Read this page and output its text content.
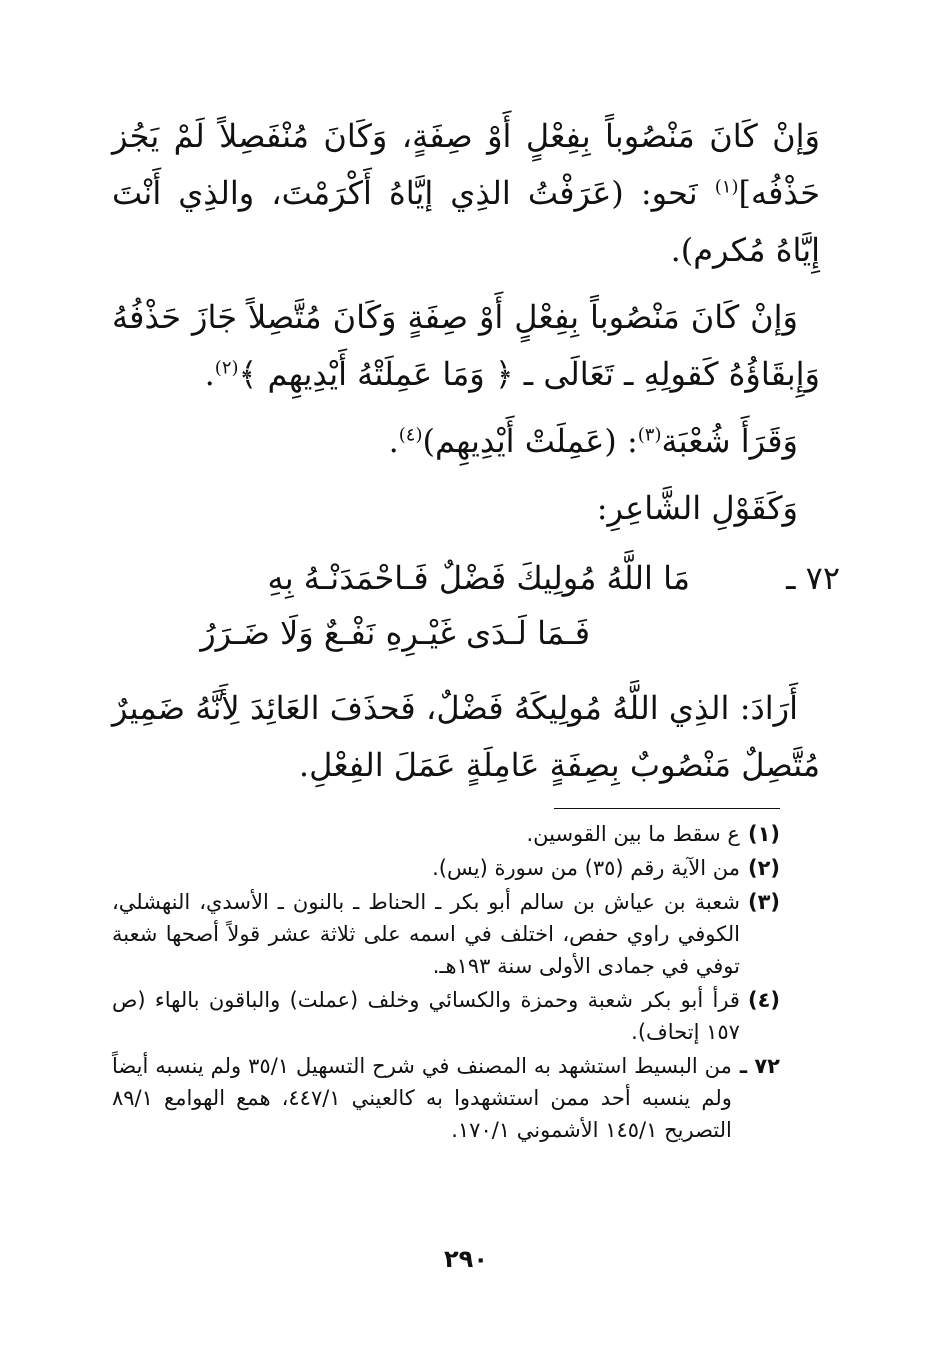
وَإنْ كَانَ مَنْصُوباً بِفِعْلٍ أَوْ صِفَةٍ، وَكَانَ مُنْفَصِلاً لَمْ يَجُز حَذْفُه]$^{(١)}$ نَحو: (عَرَفْتُ الذِي إيَّاهُ أَكْرَمْتَ، والذِي أَنْتَ إِيَّاهُ مُكرم).

وَإنْ كَانَ مَنْصُوباً بِفِعْلٍ أَوْ صِفَةٍ وَكَانَ مُتَّصِلاً جَازَ حَذْفُهُ وَإِبقَاؤُهُ كَقولِهِ ـ تَعَالَى ـ ﴿ وَمَا عَمِلَتْهُ أَيْدِيهِم ﴾$^{(٢)}$.

وَقَرَأَ شُعْبَة$^{(٣)}$: (عَمِلَتْ أَيْدِيهِم)$^{(٤)}$.

وَكَقَوْلِ الشَّاعِرِ:

٧٢ ـ
مَا اللَّهُ مُولِيكَ فَضْلٌ فَـاحْمَدَنْـهُ بِهِ
فَـمَا لَـدَى غَيْـرِهِ نَفْـعٌ وَلَا ضَـرَرُ

أَرَادَ: الذِي اللَّهُ مُولِيكَهُ فَضْلٌ، فَحذَفَ العَائِدَ لِأَنَّهُ ضَمِيرٌ مُتَّصِلٌ مَنْصُوبٌ بِصِفَةٍ عَامِلَةٍ عَمَلَ الفِعْلِ.

(١)
ع سقط ما بين القوسين.
(٢)
من الآية رقم (٣٥) من سورة (يس).
(٣)
شعبة بن عياش بن سالم أبو بكر ـ الحناط ـ بالنون ـ الأسدي، النهشلي، الكوفي راوي حفص، اختلف في اسمه على ثلاثة عشر قولاً أصحها شعبة توفي في جمادى الأولى سنة ١٩٣هـ.
(٤)
قرأ أبو بكر شعبة وحمزة والكسائي وخلف (عملت) والباقون بالهاء (ص ١٥٧ إتحاف).
٧٢ ـ
من البسيط استشهد به المصنف في شرح التسهيل ٣٥/١ ولم ينسبه أيضاً ولم ينسبه أحد ممن استشهدوا به كالعيني ٤٤٧/١، همع الهوامع ٨٩/١ التصريح ١٤٥/١ الأشموني ١٧٠/١.
٢٩٠
